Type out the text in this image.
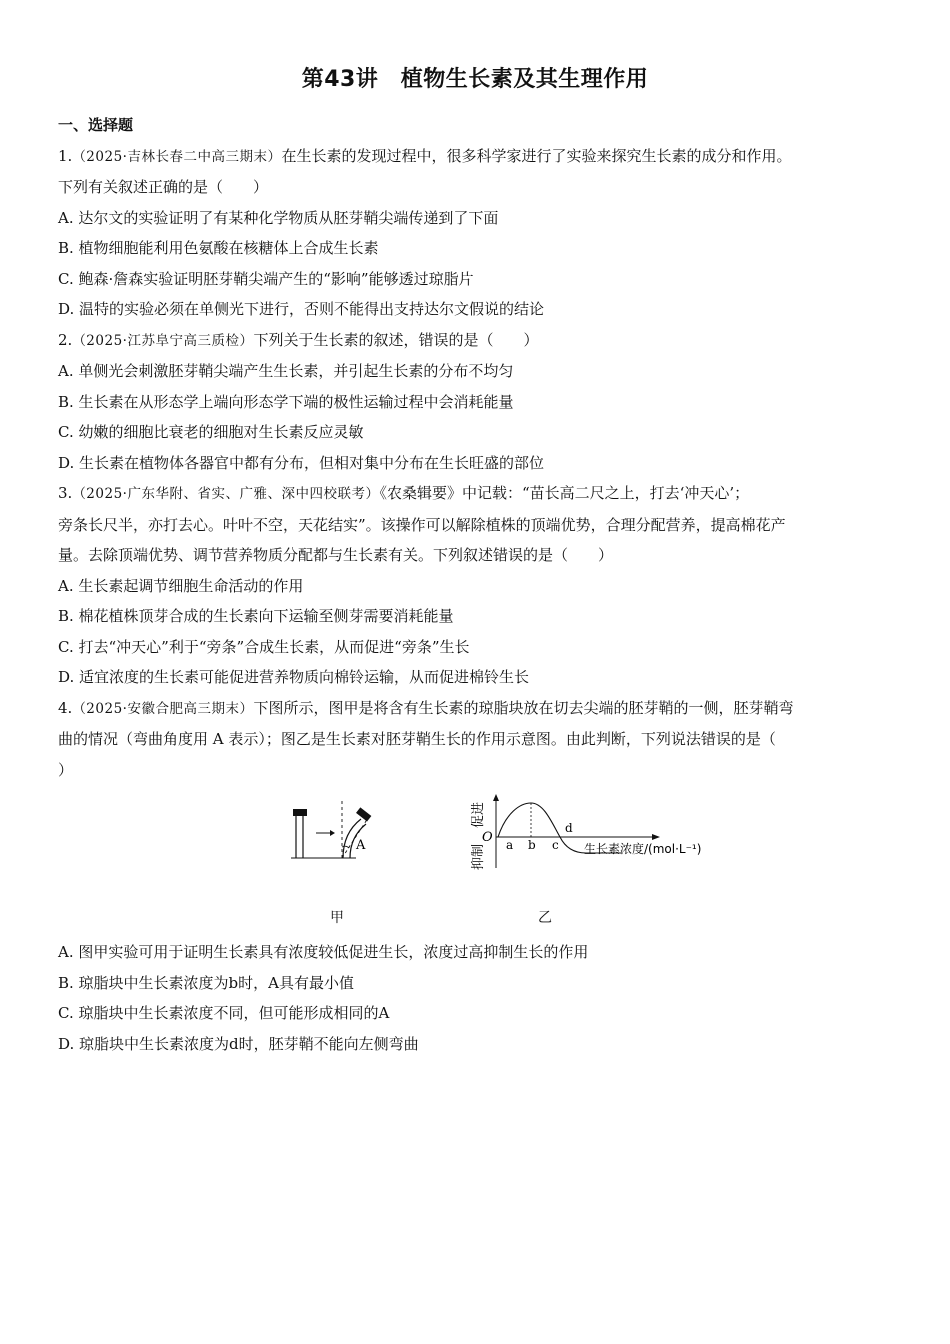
第43讲　植物生长素及其生理作用
一、选择题
1.（2025·吉林长春二中高三期末）在生长素的发现过程中，很多科学家进行了实验来探究生长素的成分和作用。
下列有关叙述正确的是（　　）
A. 达尔文的实验证明了有某种化学物质从胚芽鞘尖端传递到了下面
B. 植物细胞能利用色氨酸在核糖体上合成生长素
C. 鲍森·詹森实验证明胚芽鞘尖端产生的“影响”能够透过琼脂片
D. 温特的实验必须在单侧光下进行，否则不能得出支持达尔文假说的结论
2.（2025·江苏阜宁高三质检）下列关于生长素的叙述，错误的是（　　）
A. 单侧光会刺激胚芽鞘尖端产生生长素，并引起生长素的分布不均匀
B. 生长素在从形态学上端向形态学下端的极性运输过程中会消耗能量
C. 幼嫩的细胞比衰老的细胞对生长素反应灵敏
D. 生长素在植物体各器官中都有分布，但相对集中分布在生长旺盛的部位
3.（2025·广东华附、省实、广雅、深中四校联考）《农桑辑要》中记载：“苗长高二尺之上，打去‘冲天心’；
旁条长尺半，亦打去心。叶叶不空，天花结实”。该操作可以解除植株的顶端优势，合理分配营养，提高棉花产
量。去除顶端优势、调节营养物质分配都与生长素有关。下列叙述错误的是（　　）
A. 生长素起调节细胞生命活动的作用
B. 棉花植株顶芽合成的生长素向下运输至侧芽需要消耗能量
C. 打去“冲天心”利于“旁条”合成生长素，从而促进“旁条”生长
D. 适宜浓度的生长素可能促进营养物质向棉铃运输，从而促进棉铃生长
4.（2025·安徽合肥高三期末）下图所示，图甲是将含有生长素的琼脂块放在切去尖端的胚芽鞘的一侧，胚芽鞘弯
曲的情况（弯曲角度用 A 表示）；图乙是生长素对胚芽鞘生长的作用示意图。由此判断，下列说法错误的是（
）
A
促进
抑制
O a b c
d
生长素浓度/(mol·L⁻¹)
甲	乙
A. 图甲实验可用于证明生长素具有浓度较低促进生长，浓度过高抑制生长的作用
B. 琼脂块中生长素浓度为b时，A具有最小值
C. 琼脂块中生长素浓度不同，但可能形成相同的A
D. 琼脂块中生长素浓度为d时，胚芽鞘不能向左侧弯曲
